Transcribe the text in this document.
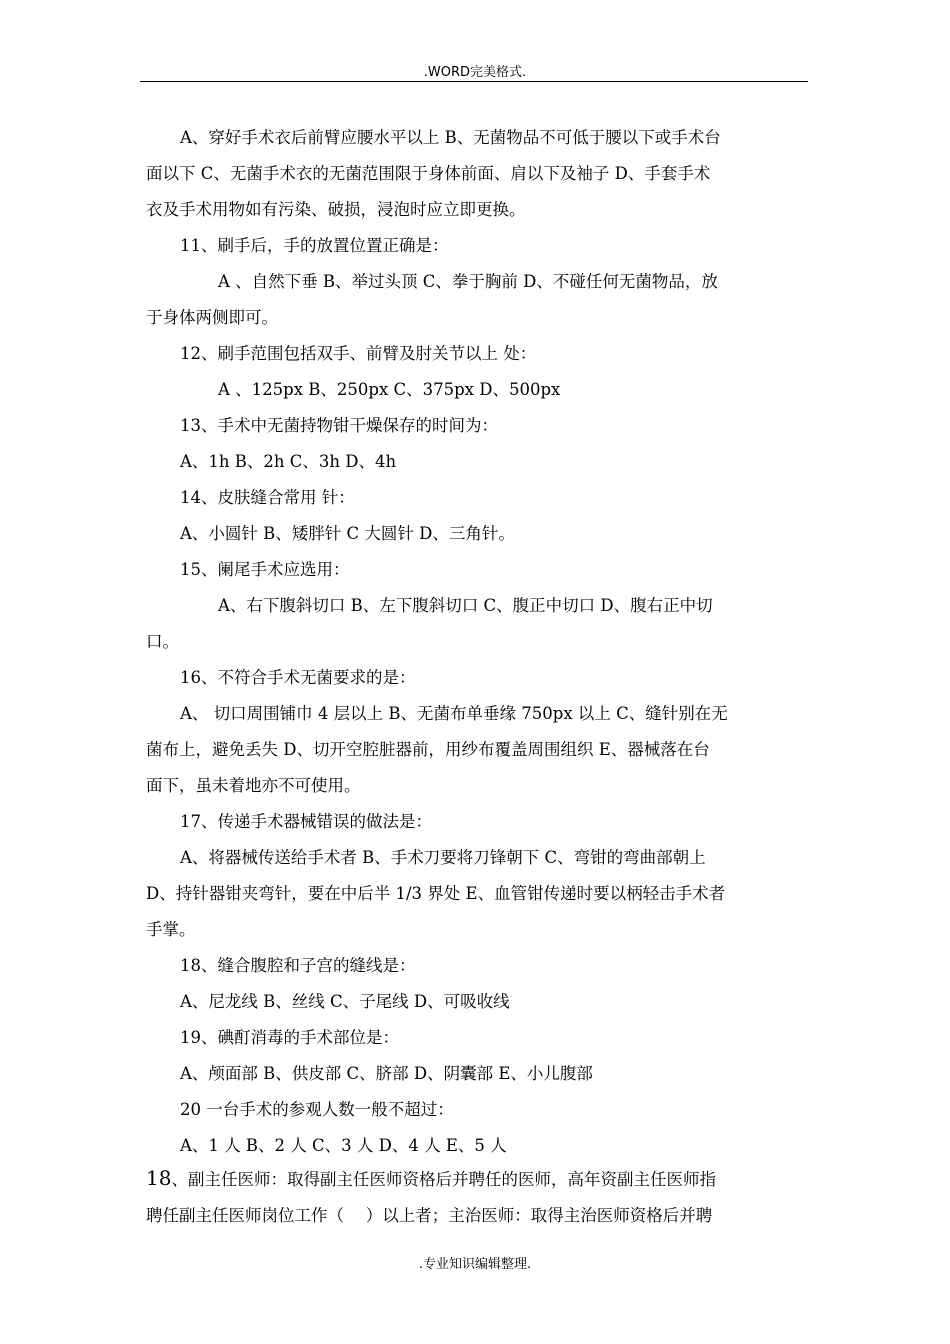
.WORD完美格式.
A、穿好手术衣后前臂应腰水平以上 B、无菌物品不可低于腰以下或手术台
面以下 C、无菌手术衣的无菌范围限于身体前面、肩以下及袖子 D、手套手术
衣及手术用物如有污染、破损，浸泡时应立即更换。
11、刷手后，手的放置位置正确是：
A 、自然下垂 B、举过头顶 C、拳于胸前 D、不碰任何无菌物品，放
于身体两侧即可。
12、刷手范围包括双手、前臂及肘关节以上 处：
A 、125px B、250px C、375px D、500px
13、手术中无菌持物钳干燥保存的时间为：
A、1h B、2h C、3h D、4h
14、皮肤缝合常用 针：
A、小圆针 B、矮胖针 C 大圆针 D、三角针。
15、阑尾手术应选用：
A、右下腹斜切口 B、左下腹斜切口 C、腹正中切口 D、腹右正中切
口。
16、不符合手术无菌要求的是：
A、 切口周围铺巾 4 层以上 B、无菌布单垂缘 750px 以上 C、缝针别在无
菌布上，避免丢失 D、切开空腔脏器前，用纱布覆盖周围组织 E、器械落在台
面下，虽未着地亦不可使用。
17、传递手术器械错误的做法是：
A、将器械传送给手术者 B、手术刀要将刀锋朝下 C、弯钳的弯曲部朝上
D、持针器钳夹弯针，要在中后半 1/3 界处 E、血管钳传递时要以柄轻击手术者
手掌。
18、缝合腹腔和子宫的缝线是：
A、尼龙线 B、丝线 C、子尾线 D、可吸收线
19、碘酊消毒的手术部位是：
A、颅面部 B、供皮部 C、脐部 D、阴囊部 E、小儿腹部
20 一台手术的参观人数一般不超过：
A、1 人 B、2 人 C、3 人 D、4 人 E、5 人
18、副主任医师：取得副主任医师资格后并聘任的医师，高年资副主任医师指
聘任副主任医师岗位工作（　 ）以上者；主治医师：取得主治医师资格后并聘
.专业知识编辑整理.
